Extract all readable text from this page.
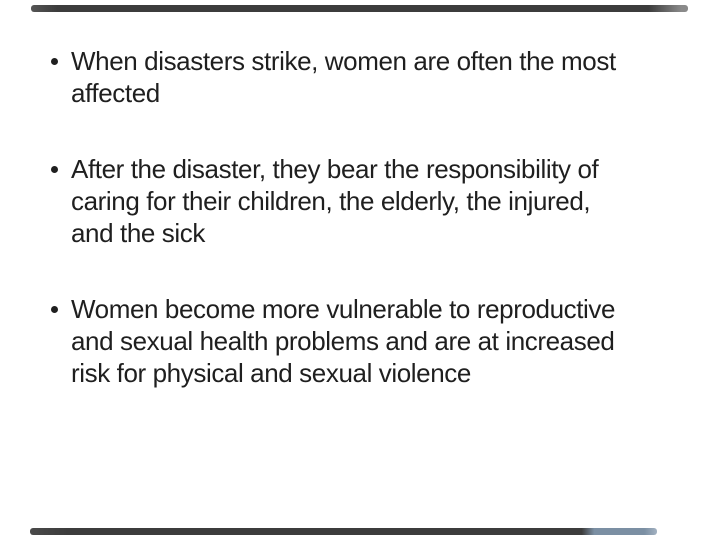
When disasters strike, women are often the most
affected
After the disaster, they bear the responsibility of
caring for their children, the elderly, the injured,
and the sick
Women become more vulnerable to reproductive
and sexual health problems and are at increased
risk for physical and sexual violence
